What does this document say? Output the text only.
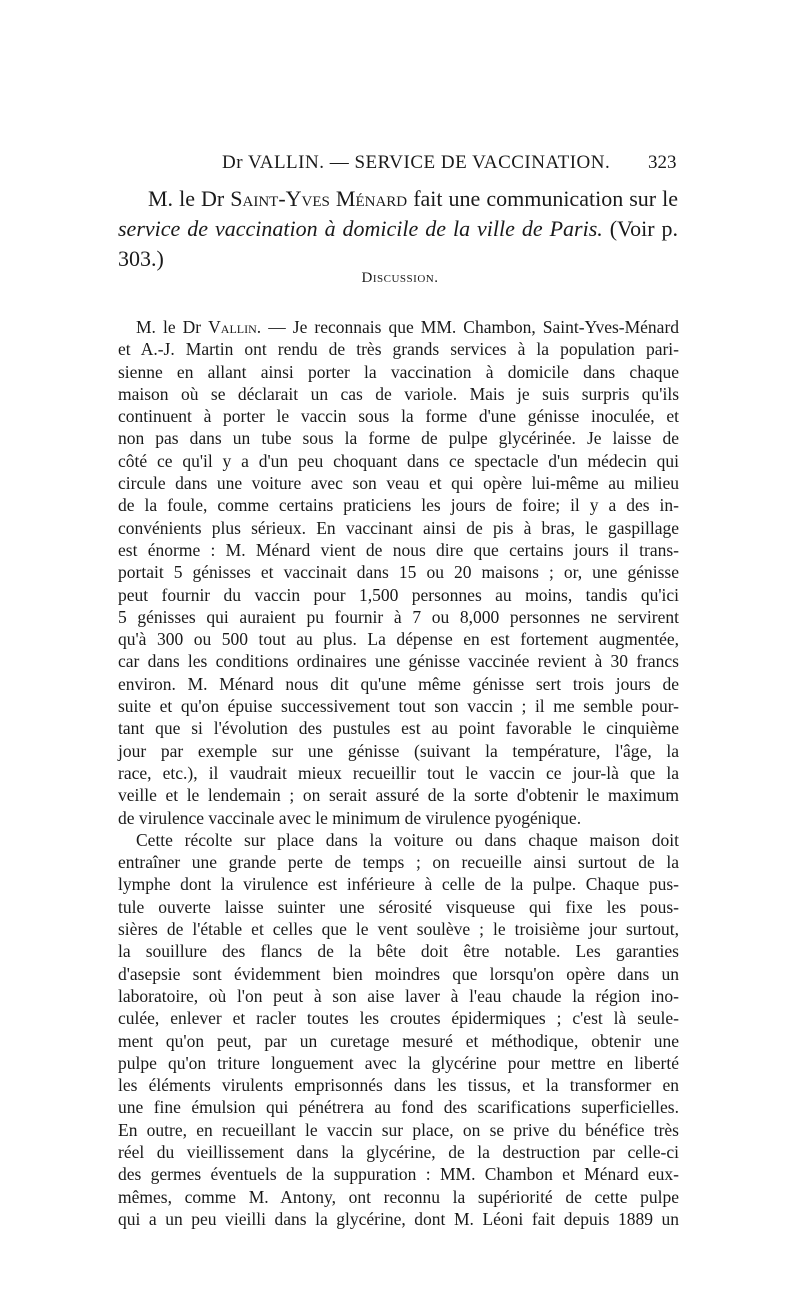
Dr VALLIN. — SERVICE DE VACCINATION. 323
M. le Dr Saint-Yves Ménard fait une communication sur le service de vaccination à domicile de la ville de Paris. (Voir p. 303.)
Discussion.
M. le Dr Vallin. — Je reconnais que MM. Chambon, Saint-Yves-Ménard
et A.-J. Martin ont rendu de très grands services à la population pari-
sienne en allant ainsi porter la vaccination à domicile dans chaque
maison où se déclarait un cas de variole. Mais je suis surpris qu'ils
continuent à porter le vaccin sous la forme d'une génisse inoculée, et
non pas dans un tube sous la forme de pulpe glycérinée. Je laisse de
côté ce qu'il y a d'un peu choquant dans ce spectacle d'un médecin qui
circule dans une voiture avec son veau et qui opère lui-même au milieu
de la foule, comme certains praticiens les jours de foire; il y a des in-
convénients plus sérieux. En vaccinant ainsi de pis à bras, le gaspillage
est énorme : M. Ménard vient de nous dire que certains jours il trans-
portait 5 génisses et vaccinait dans 15 ou 20 maisons ; or, une génisse
peut fournir du vaccin pour 1,500 personnes au moins, tandis qu'ici
5 génisses qui auraient pu fournir à 7 ou 8,000 personnes ne servirent
qu'à 300 ou 500 tout au plus. La dépense en est fortement augmentée,
car dans les conditions ordinaires une génisse vaccinée revient à 30 francs
environ. M. Ménard nous dit qu'une même génisse sert trois jours de
suite et qu'on épuise successivement tout son vaccin ; il me semble pour-
tant que si l'évolution des pustules est au point favorable le cinquième
jour par exemple sur une génisse (suivant la température, l'âge, la
race, etc.), il vaudrait mieux recueillir tout le vaccin ce jour-là que la
veille et le lendemain ; on serait assuré de la sorte d'obtenir le maximum
de virulence vaccinale avec le minimum de virulence pyogénique.
Cette récolte sur place dans la voiture ou dans chaque maison doit
entraîner une grande perte de temps ; on recueille ainsi surtout de la
lymphe dont la virulence est inférieure à celle de la pulpe. Chaque pus-
tule ouverte laisse suinter une sérosité visqueuse qui fixe les pous-
sières de l'étable et celles que le vent soulève ; le troisième jour surtout,
la souillure des flancs de la bête doit être notable. Les garanties
d'asepsie sont évidemment bien moindres que lorsqu'on opère dans un
laboratoire, où l'on peut à son aise laver à l'eau chaude la région ino-
culée, enlever et racler toutes les croutes épidermiques ; c'est là seule-
ment qu'on peut, par un curetage mesuré et méthodique, obtenir une
pulpe qu'on triture longuement avec la glycérine pour mettre en liberté
les éléments virulents emprisonnés dans les tissus, et la transformer en
une fine émulsion qui pénétrera au fond des scarifications superficielles.
En outre, en recueillant le vaccin sur place, on se prive du bénéfice très
réel du vieillissement dans la glycérine, de la destruction par celle-ci
des germes éventuels de la suppuration : MM. Chambon et Ménard eux-
mêmes, comme M. Antony, ont reconnu la supériorité de cette pulpe
qui a un peu vieilli dans la glycérine, dont M. Léoni fait depuis 1889 un
